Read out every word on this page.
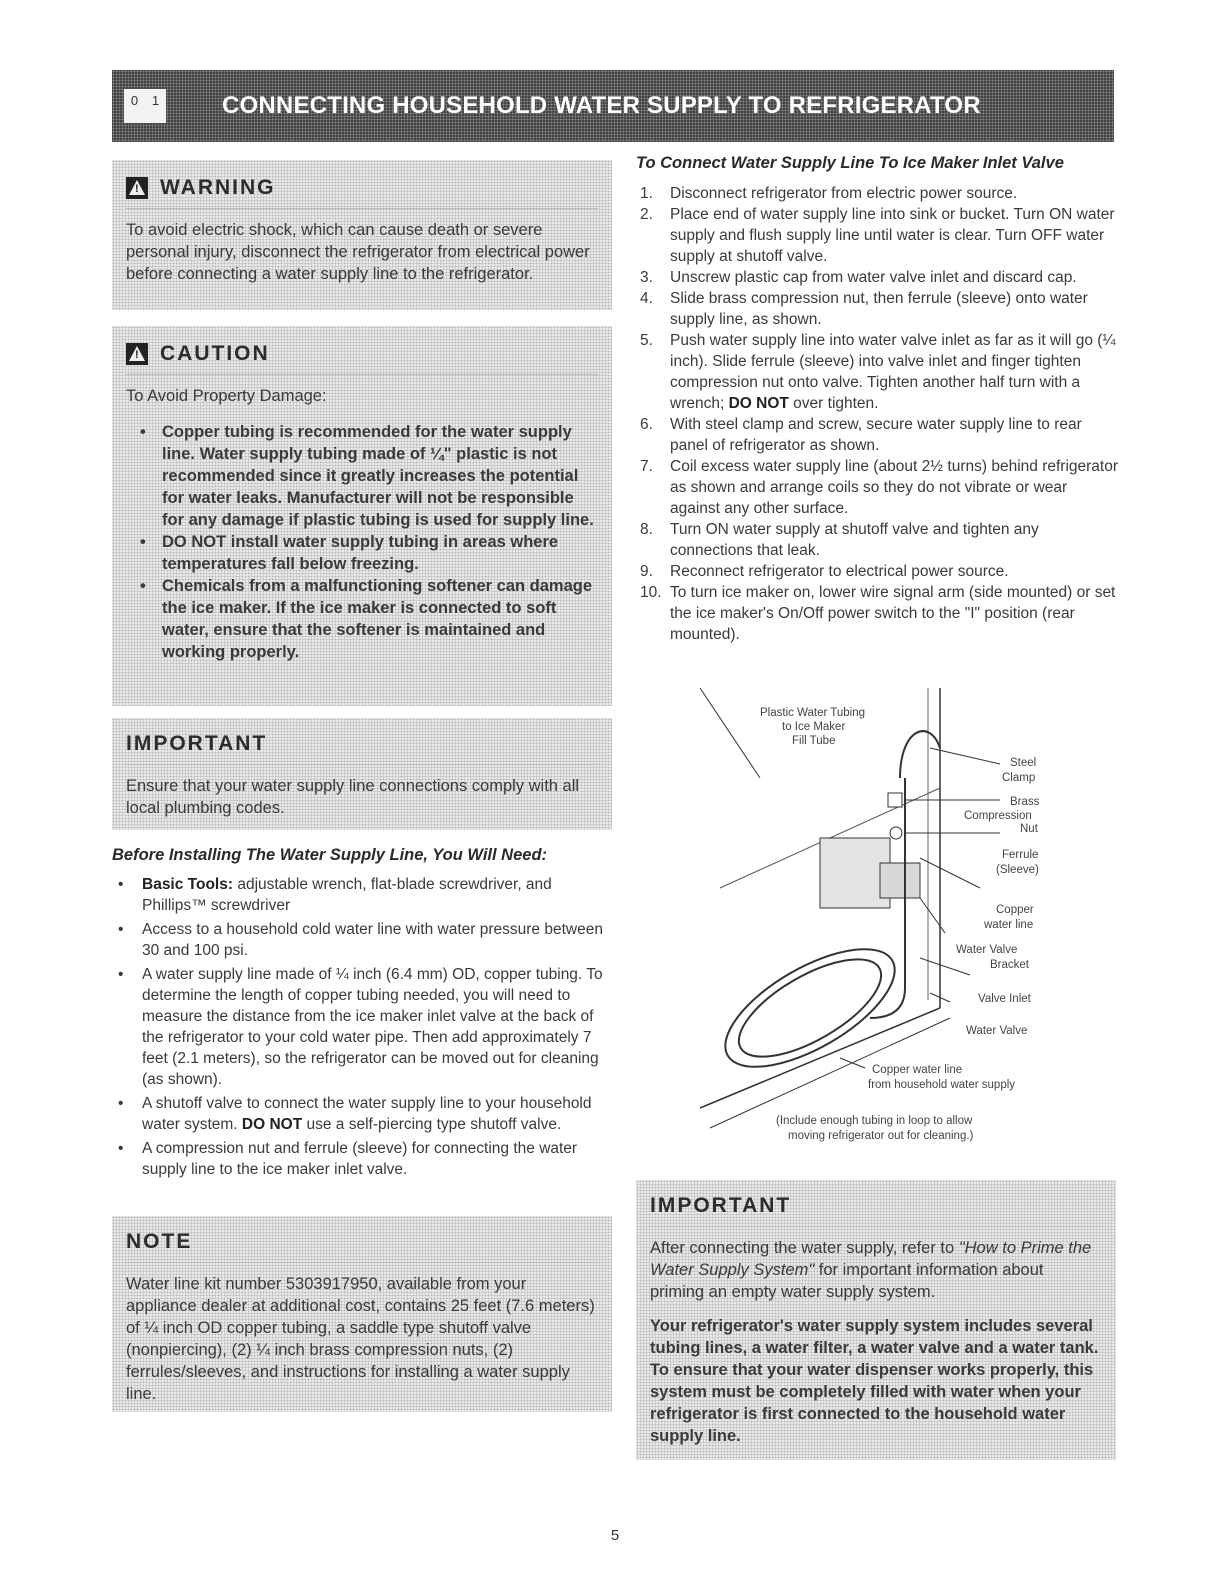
0 1	CONNECTING HOUSEHOLD WATER SUPPLY TO REFRIGERATOR
!
WARNING

To avoid electric shock, which can cause death or severe personal injury, disconnect the refrigerator from electrical power before connecting a water supply line to the refrigerator.

!
CAUTION

To Avoid Property Damage:

• Copper tubing is recommended for the water supply line. Water supply tubing made of ¼" plastic is not recommended since it greatly increases the potential for water leaks. Manufacturer will not be responsible for any damage if plastic tubing is used for supply line.
• DO NOT install water supply tubing in areas where temperatures fall below freezing.
• Chemicals from a malfunctioning softener can damage the ice maker. If the ice maker is connected to soft water, ensure that the softener is maintained and working properly.
IMPORTANT

Ensure that your water supply line connections comply with all local plumbing codes.

Before Installing The Water Supply Line, You Will Need:
• Basic Tools: adjustable wrench, flat-blade screwdriver, and Phillips™ screwdriver
• Access to a household cold water line with water pressure between 30 and 100 psi.
• A water supply line made of ¼ inch (6.4 mm) OD, copper tubing. To determine the length of copper tubing needed, you will need to measure the distance from the ice maker inlet valve at the back of the refrigerator to your cold water pipe. Then add approximately 7 feet (2.1 meters), so the refrigerator can be moved out for cleaning (as shown).
• A shutoff valve to connect the water supply line to your household water system. DO NOT use a self-piercing type shutoff valve.
• A compression nut and ferrule (sleeve) for connecting the water supply line to the ice maker inlet valve.
NOTE

Water line kit number 5303917950, available from your appliance dealer at additional cost, contains 25 feet (7.6 meters) of ¼ inch OD copper tubing, a saddle type shutoff valve (nonpiercing), (2) ¼ inch brass compression nuts, (2) ferrules/sleeves, and instructions for installing a water supply line.

To Connect Water Supply Line To Ice Maker Inlet Valve
1. Disconnect refrigerator from electric power source.
2. Place end of water supply line into sink or bucket. Turn ON water supply and flush supply line until water is clear. Turn OFF water supply at shutoff valve.
3. Unscrew plastic cap from water valve inlet and discard cap.
4. Slide brass compression nut, then ferrule (sleeve) onto water supply line, as shown.
5. Push water supply line into water valve inlet as far as it will go (¼ inch). Slide ferrule (sleeve) into valve inlet and finger tighten compression nut onto valve. Tighten another half turn with a wrench; DO NOT over tighten.
6. With steel clamp and screw, secure water supply line to rear panel of refrigerator as shown.
7. Coil excess water supply line (about 2½ turns) behind refrigerator as shown and arrange coils so they do not vibrate or wear against any other surface.
8. Turn ON water supply at shutoff valve and tighten any connections that leak.
9. Reconnect refrigerator to electrical power source.
10. To turn ice maker on, lower wire signal arm (side mounted) or set the ice maker's On/Off power switch to the "I" position (rear mounted).
Plastic Water Tubing
to Ice Maker
Fill Tube
Steel
Clamp
Brass
Compression
Nut
Ferrule
(Sleeve)
Copper
water line
Water Valve
Bracket
Valve Inlet
Water Valve
Copper water line
from household water supply
(Include enough tubing in loop to allow
moving refrigerator out for cleaning.)
IMPORTANT

After connecting the water supply, refer to "How to Prime the Water Supply System" for important information about priming an empty water supply system.

Your refrigerator's water supply system includes several tubing lines, a water filter, a water valve and a water tank. To ensure that your water dispenser works properly, this system must be completely filled with water when your refrigerator is first connected to the household water supply line.

5
